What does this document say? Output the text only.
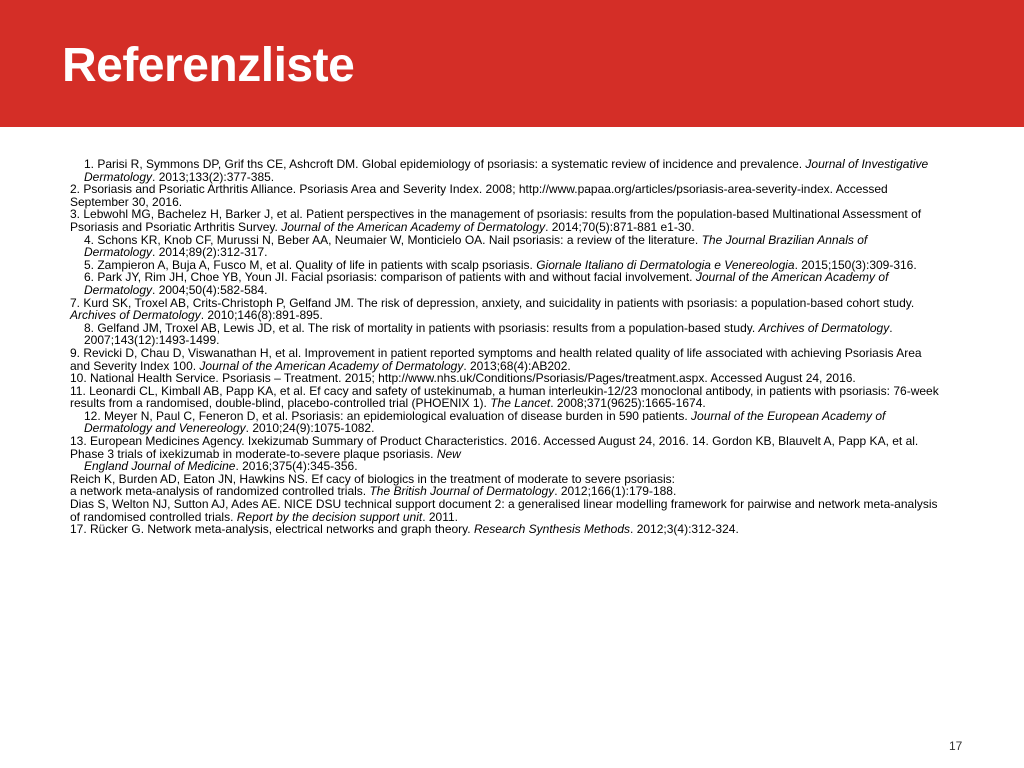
Referenzliste

1. Parisi R, Symmons DP, Grif ths CE, Ashcroft DM. Global epidemiology of psoriasis: a systematic review of incidence and prevalence. Journal of Investigative Dermatology. 2013;133(2):377-385.

2. Psoriasis and Psoriatic Arthritis Alliance. Psoriasis Area and Severity Index. 2008; http://www.papaa.org/articles/psoriasis-area-severity-index. Accessed September 30, 2016.

3. Lebwohl MG, Bachelez H, Barker J, et al. Patient perspectives in the management of psoriasis: results from the population-based Multinational Assessment of Psoriasis and Psoriatic Arthritis Survey. Journal of the American Academy of Dermatology. 2014;70(5):871-881 e1-30.

4. Schons KR, Knob CF, Murussi N, Beber AA, Neumaier W, Monticielo OA. Nail psoriasis: a review of the literature. The Journal Brazilian Annals of Dermatology. 2014;89(2):312-317.

5. Zampieron A, Buja A, Fusco M, et al. Quality of life in patients with scalp psoriasis. Giornale Italiano di Dermatologia e Venereologia. 2015;150(3):309-316.

6. Park JY, Rim JH, Choe YB, Youn JI. Facial psoriasis: comparison of patients with and without facial involvement. Journal of the American Academy of Dermatology. 2004;50(4):582-584.

7. Kurd SK, Troxel AB, Crits-Christoph P, Gelfand JM. The risk of depression, anxiety, and suicidality in patients with psoriasis: a population-based cohort study. Archives of Dermatology. 2010;146(8):891-895.

8. Gelfand JM, Troxel AB, Lewis JD, et al. The risk of mortality in patients with psoriasis: results from a population-based study. Archives of Dermatology. 2007;143(12):1493-1499.

9. Revicki D, Chau D, Viswanathan H, et al. Improvement in patient reported symptoms and health related quality of life associated with achieving Psoriasis Area and Severity Index 100. Journal of the American Academy of Dermatology. 2013;68(4):AB202.

10. National Health Service. Psoriasis – Treatment. 2015; http://www.nhs.uk/Conditions/Psoriasis/Pages/treatment.aspx. Accessed August 24, 2016.

11. Leonardi CL, Kimball AB, Papp KA, et al. Ef cacy and safety of ustekinumab, a human interleukin-12/23 monoclonal antibody, in patients with psoriasis: 76-week results from a randomised, double-blind, placebo-controlled trial (PHOENIX 1). The Lancet. 2008;371(9625):1665-1674.

12. Meyer N, Paul C, Feneron D, et al. Psoriasis: an epidemiological evaluation of disease burden in 590 patients. Journal of the European Academy of Dermatology and Venereology. 2010;24(9):1075-1082.

13. European Medicines Agency. Ixekizumab Summary of Product Characteristics. 2016. Accessed August 24, 2016. 14. Gordon KB, Blauvelt A, Papp KA, et al. Phase 3 trials of ixekizumab in moderate-to-severe plaque psoriasis. New

England Journal of Medicine. 2016;375(4):345-356.

Reich K, Burden AD, Eaton JN, Hawkins NS. Ef cacy of biologics in the treatment of moderate to severe psoriasis:

a network meta-analysis of randomized controlled trials. The British Journal of Dermatology. 2012;166(1):179-188.

Dias S, Welton NJ, Sutton AJ, Ades AE. NICE DSU technical support document 2: a generalised linear modelling framework for pairwise and network meta-analysis of randomised controlled trials. Report by the decision support unit. 2011.

17. Rücker G. Network meta-analysis, electrical networks and graph theory. Research Synthesis Methods. 2012;3(4):312-324.

17
